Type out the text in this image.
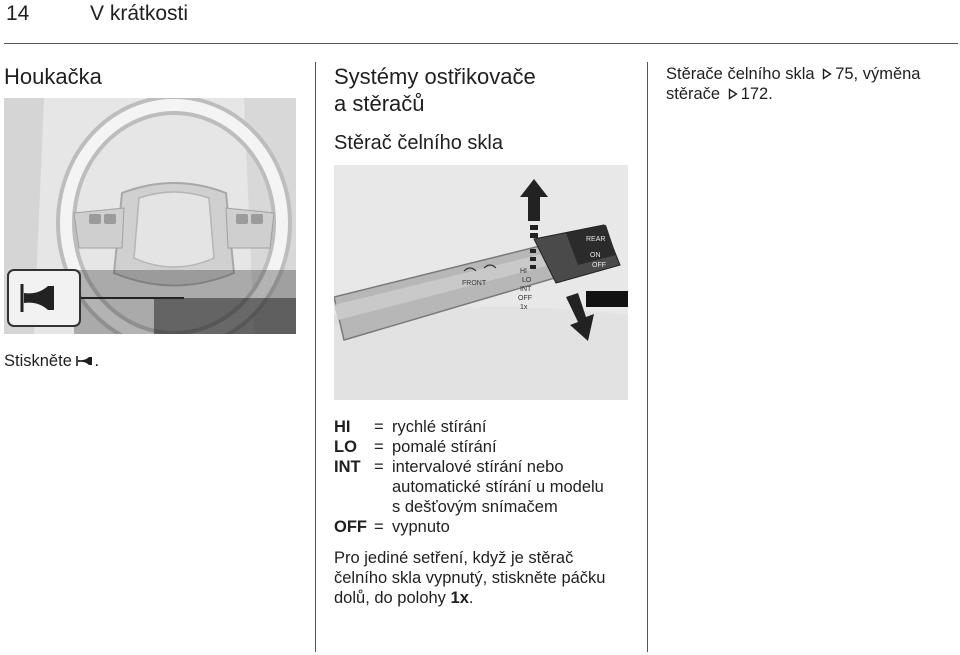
14	V krátkosti
Houkačka
Stiskněte .
Systémy ostřikovače
a stěračů
Stěrač čelního skla
REAR
ON
OFF
INT
HI
LO
INT
OFF
1x
FRONT
HI	= rychlé stírání
LO	= pomalé stírání
INT = intervalové stírání nebo
automatické stírání u modelu
s dešťovým snímačem
OFF = vypnuto
Pro jediné setření, když je stěrač
čelního skla vypnutý, stiskněte páčku
dolů, do polohy 1x.
Stěrače čelního skla 75, výměna
stěrače 172.
